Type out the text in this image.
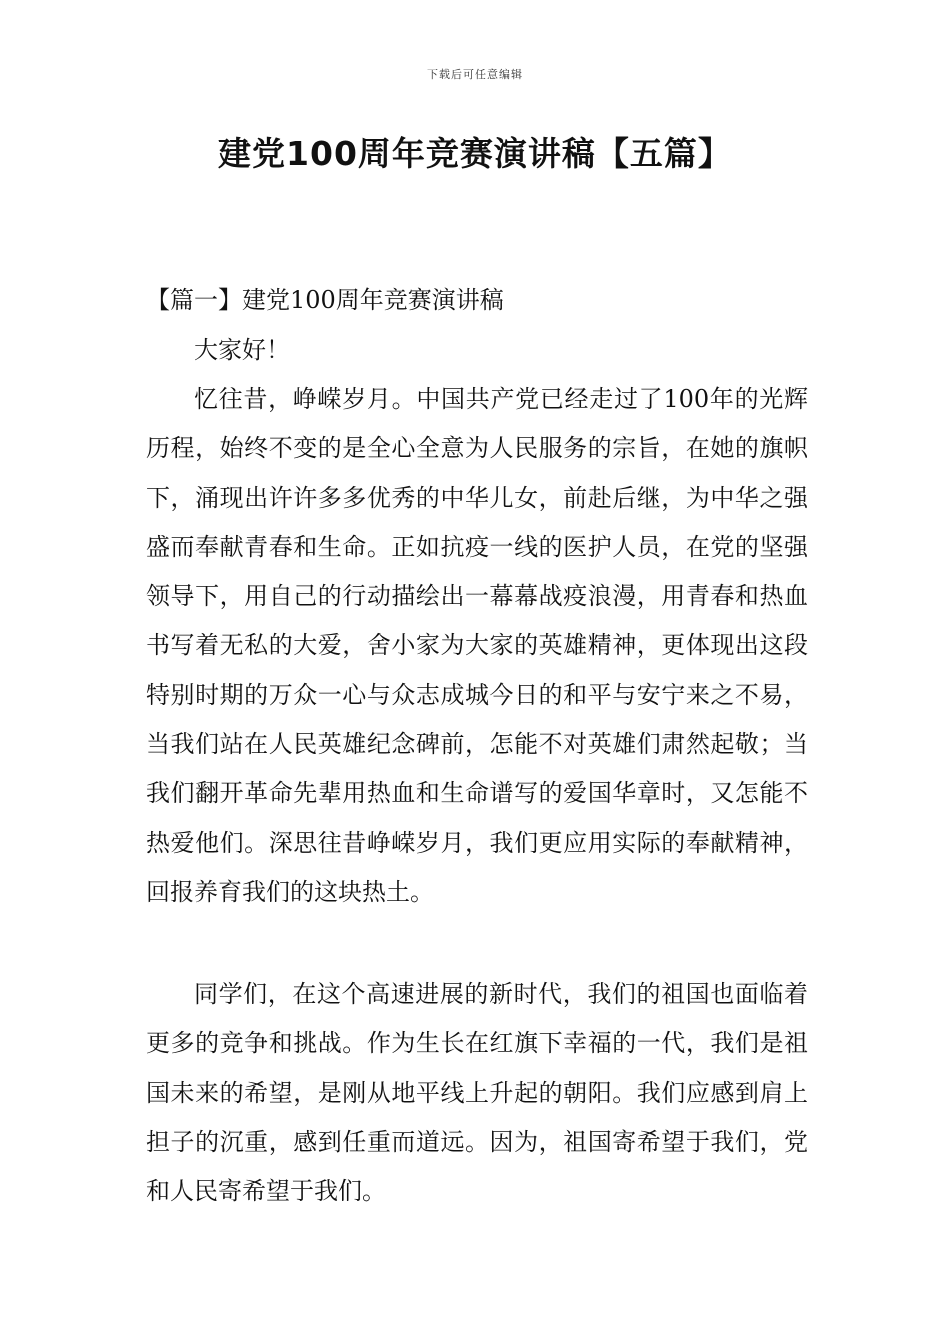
下载后可任意编辑
建党100周年竞赛演讲稿【五篇】
【篇一】建党100周年竞赛演讲稿

大家好！

忆往昔，峥嵘岁月。中国共产党已经走过了100年的光辉历程，始终不变的是全心全意为人民服务的宗旨，在她的旗帜下，涌现出许许多多优秀的中华儿女，前赴后继，为中华之强盛而奉献青春和生命。正如抗疫一线的医护人员，在党的坚强领导下，用自己的行动描绘出一幕幕战疫浪漫，用青春和热血书写着无私的大爱，舍小家为大家的英雄精神，更体现出这段特别时期的万众一心与众志成城今日的和平与安宁来之不易，当我们站在人民英雄纪念碑前，怎能不对英雄们肃然起敬；当我们翻开革命先辈用热血和生命谱写的爱国华章时，又怎能不热爱他们。深思往昔峥嵘岁月，我们更应用实际的奉献精神，回报养育我们的这块热土。

同学们，在这个高速进展的新时代，我们的祖国也面临着更多的竞争和挑战。作为生长在红旗下幸福的一代，我们是祖国未来的希望，是刚从地平线上升起的朝阳。我们应感到肩上担子的沉重，感到任重而道远。因为，祖国寄希望于我们，党和人民寄希望于我们。
